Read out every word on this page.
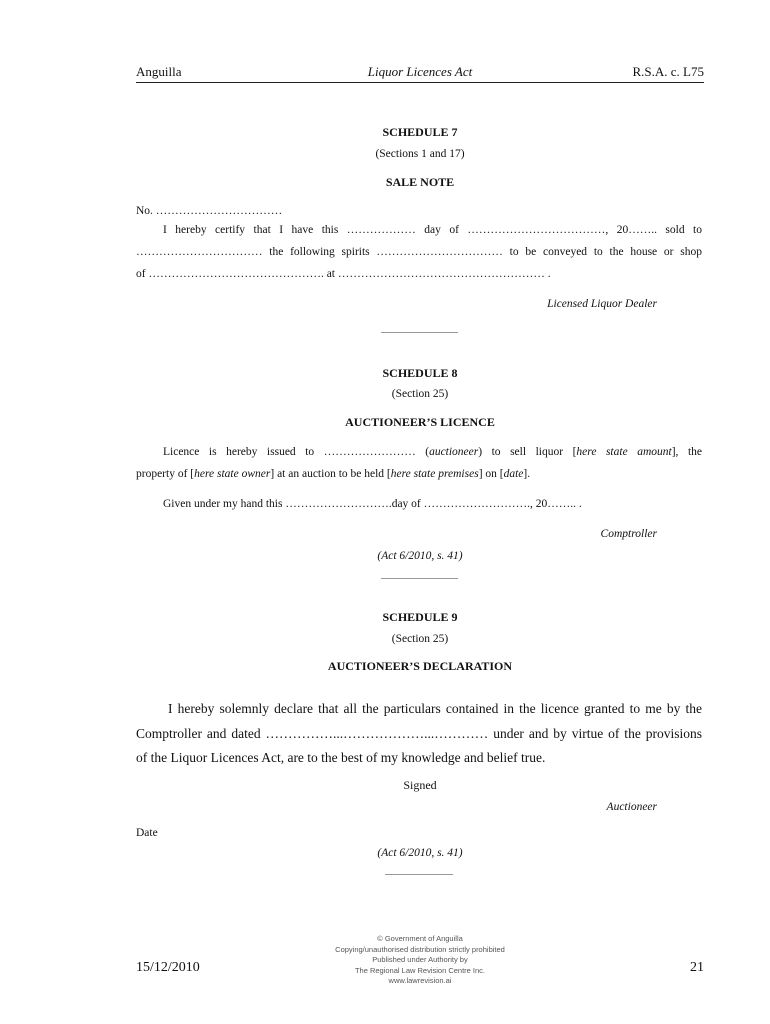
Anguilla	Liquor Licences Act	R.S.A. c. L75
SCHEDULE 7
(Sections 1 and 17)
SALE NOTE
No. ……………………………
I hereby certify that I have this ……………… day of ………………………………, 20…….. sold to
…………………………… the following spirits …………………………… to be conveyed to the house or shop
of ………………………………………. at ……………………………………………… .
Licensed Liquor Dealer
SCHEDULE 8
(Section 25)
AUCTIONEER’S LICENCE
Licence is hereby issued to …………………… (auctioneer) to sell liquor [here state amount], the
property of [here state owner] at an auction to be held [here state premises] on [date].
Given under my hand this ……………………….day of ………………………., 20…….. .
Comptroller
(Act 6/2010, s. 41)
SCHEDULE 9
(Section 25)
AUCTIONEER’S DECLARATION
I hereby solemnly declare that all the particulars contained in the licence granted to me by the
Comptroller and dated ……………...………………...………… under and by virtue of the provisions
of the Liquor Licences Act, are to the best of my knowledge and belief true.
Signed
Auctioneer
Date
(Act 6/2010, s. 41)
15/12/2010	21
© Government of Anguilla
Copying/unauthorised distribution strictly prohibited
Published under Authority by
The Regional Law Revision Centre Inc.
www.lawrevision.ai
